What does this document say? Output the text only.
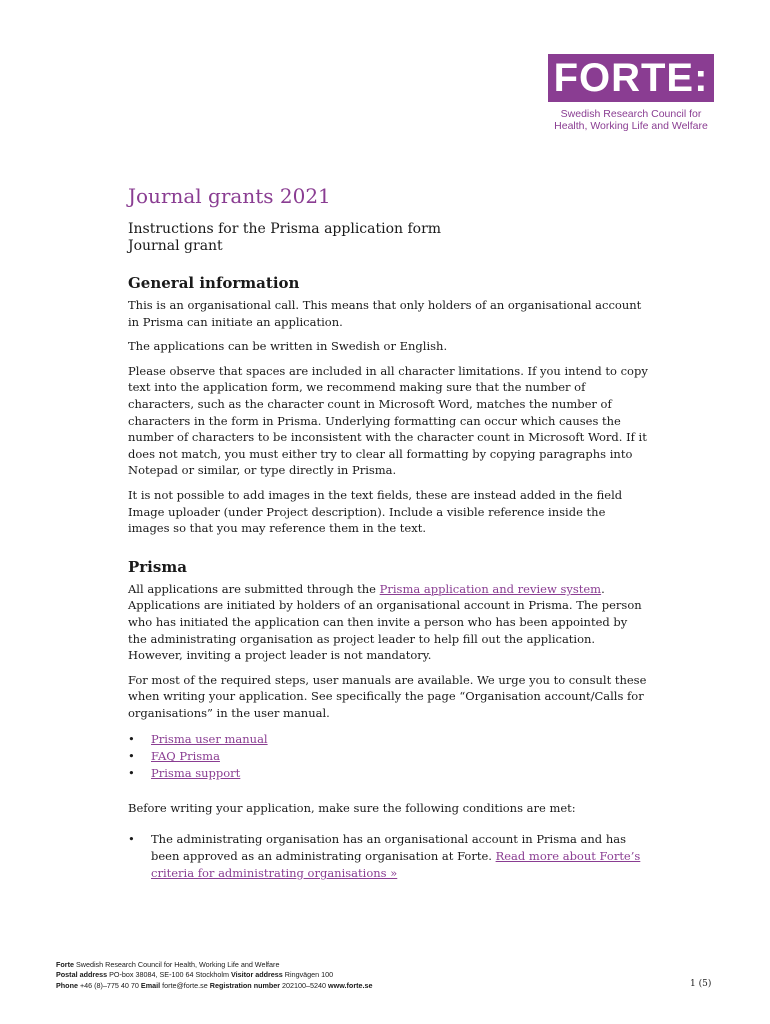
FORTE:
Swedish Research Council for
Health, Working Life and Welfare
Journal grants 2021
Instructions for the Prisma application form
Journal grant
General information

This is an organisational call. This means that only holders of an organisational account in Prisma can initiate an application.

The applications can be written in Swedish or English.

Please observe that spaces are included in all character limitations. If you intend to copy text into the application form, we recommend making sure that the number of characters, such as the character count in Microsoft Word, matches the number of characters in the form in Prisma. Underlying formatting can occur which causes the number of characters to be inconsistent with the character count in Microsoft Word. If it does not match, you must either try to clear all formatting by copying paragraphs into Notepad or similar, or type directly in Prisma.

It is not possible to add images in the text fields, these are instead added in the field Image uploader (under Project description). Include a visible reference inside the images so that you may reference them in the text.

Prisma

All applications are submitted through the Prisma application and review system. Applications are initiated by holders of an organisational account in Prisma. The person who has initiated the application can then invite a person who has been appointed by the administrating organisation as project leader to help fill out the application. However, inviting a project leader is not mandatory.

For most of the required steps, user manuals are available. We urge you to consult these when writing your application. See specifically the page “Organisation account/Calls for organisations” in the user manual.

• Prisma user manual
• FAQ Prisma
• Prisma support

Before writing your application, make sure the following conditions are met:

• The administrating organisation has an organisational account in Prisma and has been approved as an administrating organisation at Forte. Read more about Forte’s criteria for administrating organisations »
Forte Swedish Research Council for Health, Working Life and Welfare
Postal address PO-box 38084, SE-100 64 Stockholm Visitor address Ringvägen 100
Phone +46 (8)–775 40 70 Email forte@forte.se Registration number 202100–5240 www.forte.se	1 (5)
